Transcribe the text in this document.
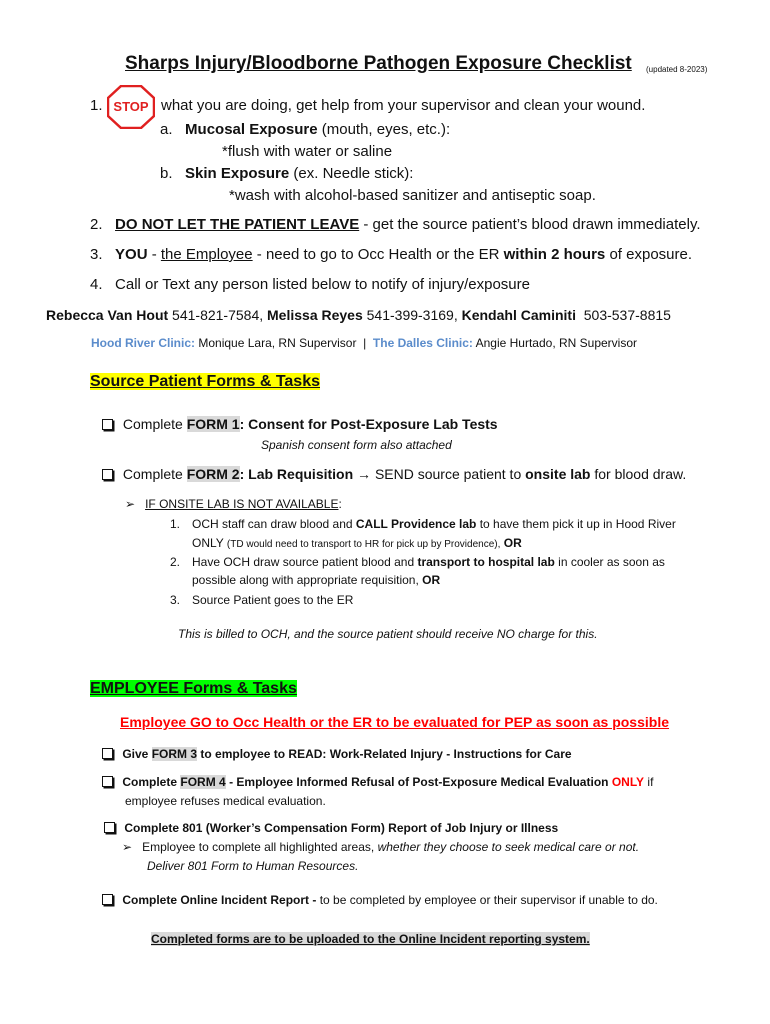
Sharps Injury/Bloodborne Pathogen Exposure Checklist (updated 8-2023)
1. STOP what you are doing, get help from your supervisor and clean your wound.
a. Mucosal Exposure (mouth, eyes, etc.):
*flush with water or saline
b. Skin Exposure (ex. Needle stick):
*wash with alcohol-based sanitizer and antiseptic soap.
2. DO NOT LET THE PATIENT LEAVE - get the source patient’s blood drawn immediately.
3. YOU - the Employee - need to go to Occ Health or the ER within 2 hours of exposure.
4. Call or Text any person listed below to notify of injury/exposure
Rebecca Van Hout 541-821-7584, Melissa Reyes 541-399-3169, Kendahl Caminiti 503-537-8815
Hood River Clinic: Monique Lara, RN Supervisor | The Dalles Clinic: Angie Hurtado, RN Supervisor
Source Patient Forms & Tasks
Complete FORM 1: Consent for Post-Exposure Lab Tests
Spanish consent form also attached
Complete FORM 2: Lab Requisition → SEND source patient to onsite lab for blood draw.
➢ IF ONSITE LAB IS NOT AVAILABLE:
1. OCH staff can draw blood and CALL Providence lab to have them pick it up in Hood River
ONLY (TD would need to transport to HR for pick up by Providence), OR
2. Have OCH draw source patient blood and transport to hospital lab in cooler as soon as
possible along with appropriate requisition, OR
3. Source Patient goes to the ER
This is billed to OCH, and the source patient should receive NO charge for this.
EMPLOYEE Forms & Tasks
Employee GO to Occ Health or the ER to be evaluated for PEP as soon as possible
Give FORM 3 to employee to READ: Work-Related Injury - Instructions for Care
Complete FORM 4 - Employee Informed Refusal of Post-Exposure Medical Evaluation ONLY if
employee refuses medical evaluation.
Complete 801 (Worker’s Compensation Form) Report of Job Injury or Illness
➢ Employee to complete all highlighted areas, whether they choose to seek medical care or not.
Deliver 801 Form to Human Resources.
Complete Online Incident Report - to be completed by employee or their supervisor if unable to do.
Completed forms are to be uploaded to the Online Incident reporting system.
